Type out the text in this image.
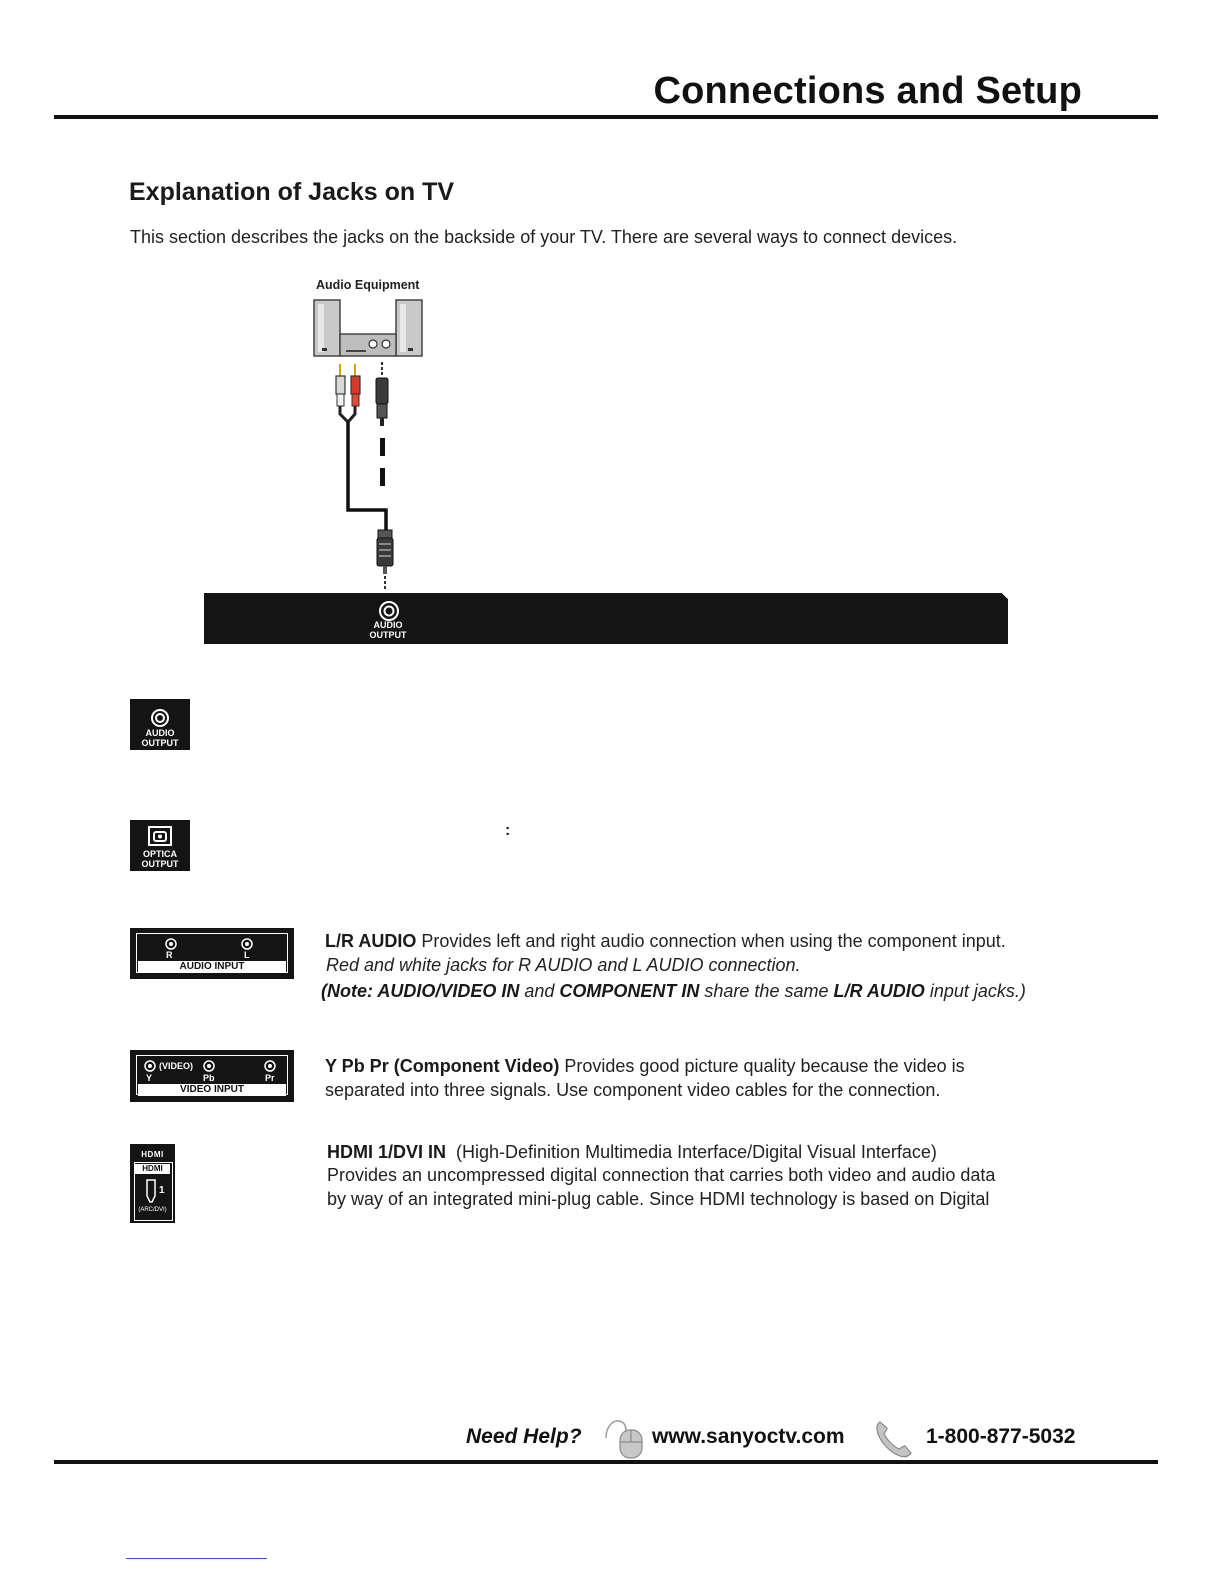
Connections and Setup
Explanation of Jacks on TV
This section describes the jacks on the backside of your TV. There are several ways to connect devices.
Audio Equipment
AUDIO
OUTPUT
AUDIO
OUTPUT
OPTICA
OUTPUT
:
R	L
AUDIO INPUT
L/R AUDIO Provides left and right audio connection when using the component input.
Red and white jacks for R AUDIO and L AUDIO connection.
(Note: AUDIO/VIDEO IN and COMPONENT IN share the same L/R AUDIO input jacks.)
(VIDEO)
Y	Pb	Pr
VIDEO INPUT
Y Pb Pr (Component Video) Provides good picture quality because the video is
separated into three signals. Use component video cables for the connection.
HDMI
HDMI
1
(ARC/DVI)
HDMI 1/DVI IN (High-Definition Multimedia Interface/Digital Visual Interface)
Provides an uncompressed digital connection that carries both video and audio data
by way of an integrated mini-plug cable. Since HDMI technology is based on Digital
Need Help?	www.sanyoctv.com	1-800-877-5032
